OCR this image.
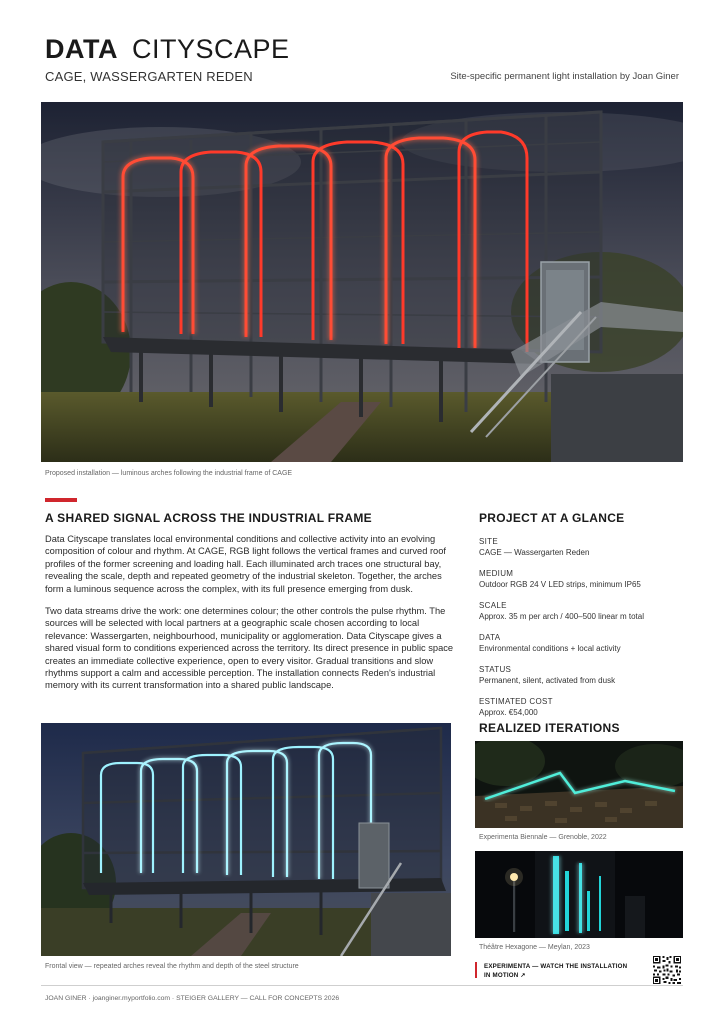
DATA CITYSCAPE
CAGE, WASSERGARTEN REDEN	Site-specific permanent light installation by Joan Giner
Proposed installation — luminous arches following the industrial frame of CAGE
A SHARED SIGNAL ACROSS THE INDUSTRIAL FRAME

Data Cityscape translates local environmental conditions and collective activity into an evolving composition of colour and rhythm. At CAGE, RGB light follows the vertical frames and curved roof profiles of the former screening and loading hall. Each illuminated arch traces one structural bay, revealing the scale, depth and repeated geometry of the industrial skeleton. Together, the arches form a luminous sequence across the complex, with its full presence emerging from dusk.

Two data streams drive the work: one determines colour; the other controls the pulse rhythm. The sources will be selected with local partners at a geographic scale chosen according to local relevance: Wassergarten, neighbourhood, municipality or agglomeration. Data Cityscape gives a shared visual form to conditions experienced across the territory. Its direct presence in public space creates an immediate collective experience, open to every visitor. Gradual transitions and slow rhythms support a calm and accessible perception. The installation connects Reden's industrial memory with its current transformation into a shared public landscape.

PROJECT AT A GLANCE
SITE
CAGE — Wassergarten Reden
MEDIUM
Outdoor RGB 24 V LED strips, minimum IP65
SCALE
Approx. 35 m per arch / 400–500 linear m total
DATA
Environmental conditions + local activity
STATUS
Permanent, silent, activated from dusk
ESTIMATED COST
Approx. €54,000
Frontal view — repeated arches reveal the rhythm and depth of the steel structure
REALIZED ITERATIONS
Experimenta Biennale — Grenoble, 2022
Théâtre Hexagone — Meylan, 2023
EXPERIMENTA — WATCH THE INSTALLATION IN MOTION ↗
JOAN GINER · joanginer.myportfolio.com · STEIGER GALLERY — CALL FOR CONCEPTS 2026
